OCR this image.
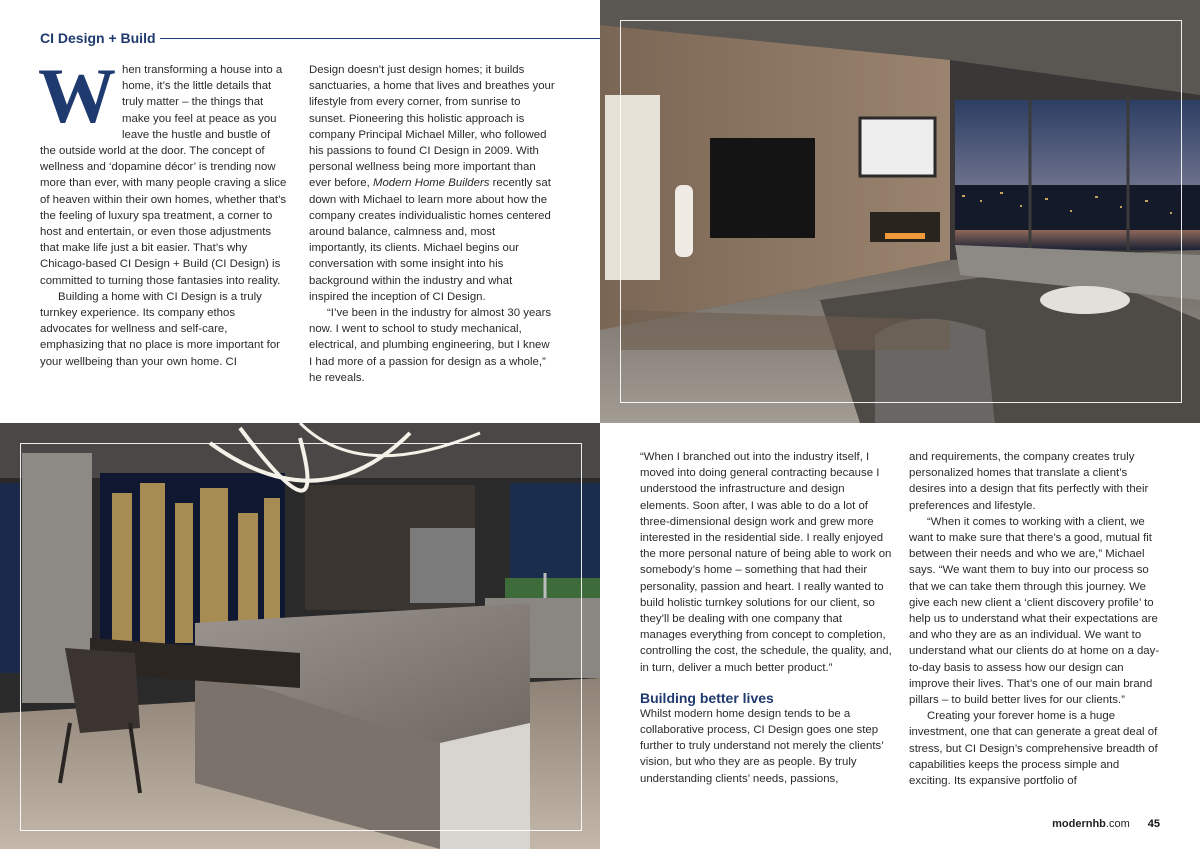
CI Design + Build
W hen transforming a house into a home, it’s the little details that truly matter – the things that make you feel at peace as you leave the hustle and bustle of the outside world at the door. The concept of wellness and ‘dopamine décor’ is trending now more than ever, with many people craving a slice of heaven within their own homes, whether that’s the feeling of luxury spa treatment, a corner to host and entertain, or even those adjustments that make life just a bit easier. That’s why Chicago-based CI Design + Build (CI Design) is committed to turning those fantasies into reality.

Building a home with CI Design is a truly turnkey experience. Its company ethos advocates for wellness and self-care, emphasizing that no place is more important for your wellbeing than your own home. CI

Design doesn’t just design homes; it builds sanctuaries, a home that lives and breathes your lifestyle from every corner, from sunrise to sunset. Pioneering this holistic approach is company Principal Michael Miller, who followed his passions to found CI Design in 2009. With personal wellness being more important than ever before, Modern Home Builders recently sat down with Michael to learn more about how the company creates individualistic homes centered around balance, calmness and, most importantly, its clients. Michael begins our conversation with some insight into his background within the industry and what inspired the inception of CI Design.

“I’ve been in the industry for almost 30 years now. I went to school to study mechanical, electrical, and plumbing engineering, but I knew I had more of a passion for design as a whole,” he reveals.

“When I branched out into the industry itself, I moved into doing general contracting because I understood the infrastructure and design elements. Soon after, I was able to do a lot of three-dimensional design work and grew more interested in the residential side. I really enjoyed the more personal nature of being able to work on somebody’s home – something that had their personality, passion and heart. I really wanted to build holistic turnkey solutions for our client, so they’ll be dealing with one company that manages everything from concept to completion, controlling the cost, the schedule, the quality, and, in turn, deliver a much better product.”

Building better lives

Whilst modern home design tends to be a collaborative process, CI Design goes one step further to truly understand not merely the clients’ vision, but who they are as people. By truly understanding clients’ needs, passions,

and requirements, the company creates truly personalized homes that translate a client’s desires into a design that fits perfectly with their preferences and lifestyle.

“When it comes to working with a client, we want to make sure that there’s a good, mutual fit between their needs and who we are,” Michael says. “We want them to buy into our process so that we can take them through this journey. We give each new client a ‘client discovery profile’ to help us to understand what their expectations are and who they are as an individual. We want to understand what our clients do at home on a day-to-day basis to assess how our design can improve their lives. That’s one of our main brand pillars – to build better lives for our clients.”

Creating your forever home is a huge investment, one that can generate a great deal of stress, but CI Design’s comprehensive breadth of capabilities keeps the process simple and exciting. Its expansive portfolio of

modernhb.com 45
